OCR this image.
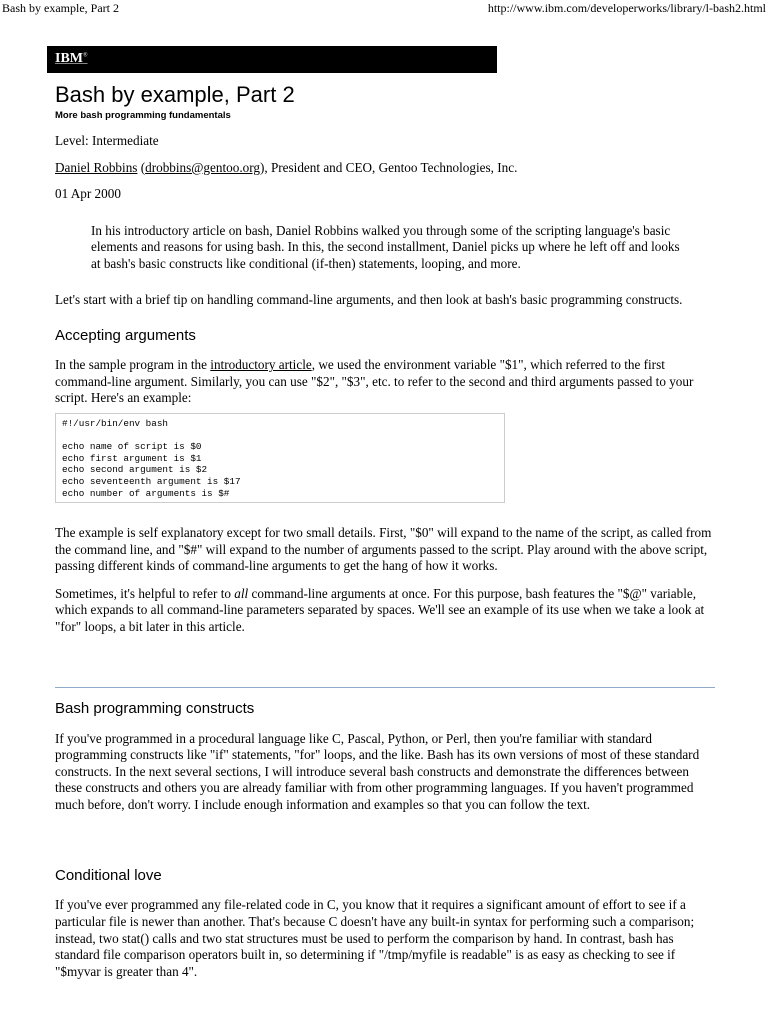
Bash by example, Part 2	http://www.ibm.com/developerworks/library/l-bash2.html
IBM®
Bash by example, Part 2
More bash programming fundamentals

Level: Intermediate

Daniel Robbins (drobbins@gentoo.org), President and CEO, Gentoo Technologies, Inc.

01 Apr 2000

In his introductory article on bash, Daniel Robbins walked you through some of the scripting language's basic elements and reasons for using bash. In this, the second installment, Daniel picks up where he left off and looks at bash's basic constructs like conditional (if-then) statements, looping, and more.

Let's start with a brief tip on handling command-line arguments, and then look at bash's basic programming constructs.

Accepting arguments

In the sample program in the introductory article, we used the environment variable "$1", which referred to the first command-line argument. Similarly, you can use "$2", "$3", etc. to refer to the second and third arguments passed to your script. Here's an example:

#!/usr/bin/env bash

echo name of script is $0
echo first argument is $1
echo second argument is $2
echo seventeenth argument is $17
echo number of arguments is $#

The example is self explanatory except for two small details. First, "$0" will expand to the name of the script, as called from the command line, and "$#" will expand to the number of arguments passed to the script. Play around with the above script, passing different kinds of command-line arguments to get the hang of how it works.

Sometimes, it's helpful to refer to all command-line arguments at once. For this purpose, bash features the "$@" variable, which expands to all command-line parameters separated by spaces. We'll see an example of its use when we take a look at "for" loops, a bit later in this article.

Bash programming constructs

If you've programmed in a procedural language like C, Pascal, Python, or Perl, then you're familiar with standard programming constructs like "if" statements, "for" loops, and the like. Bash has its own versions of most of these standard constructs. In the next several sections, I will introduce several bash constructs and demonstrate the differences between these constructs and others you are already familiar with from other programming languages. If you haven't programmed much before, don't worry. I include enough information and examples so that you can follow the text.

Conditional love

If you've ever programmed any file-related code in C, you know that it requires a significant amount of effort to see if a particular file is newer than another. That's because C doesn't have any built-in syntax for performing such a comparison; instead, two stat() calls and two stat structures must be used to perform the comparison by hand. In contrast, bash has standard file comparison operators built in, so determining if "/tmp/myfile is readable" is as easy as checking to see if "$myvar is greater than 4".
